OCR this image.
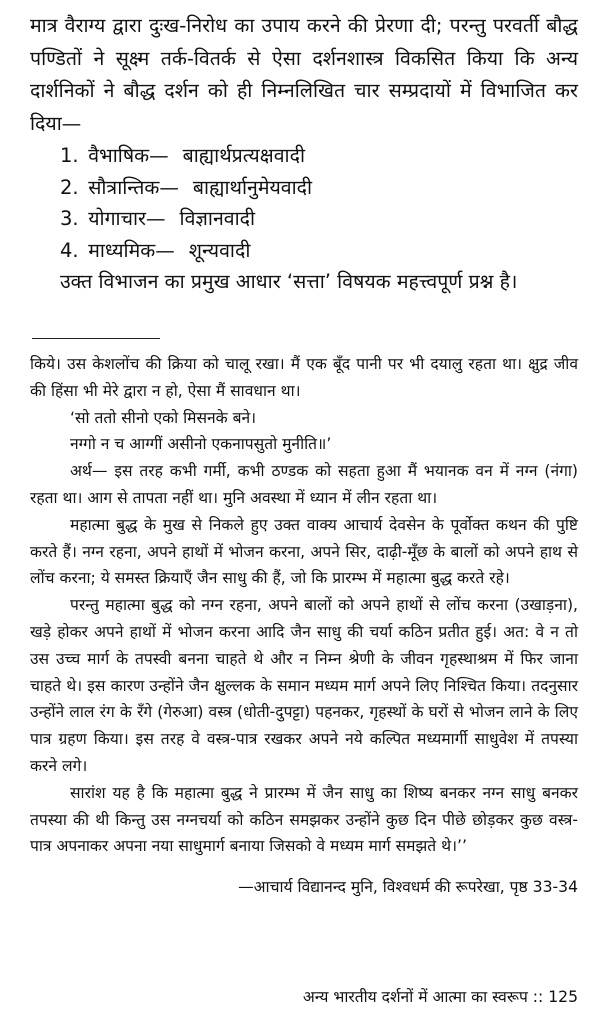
मात्र वैराग्य द्वारा दुःख-निरोध का उपाय करने की प्रेरणा दी; परन्तु परवर्ती बौद्ध पण्डितों ने सूक्ष्म तर्क-वितर्क से ऐसा दर्शनशास्त्र विकसित किया कि अन्य दार्शनिकों ने बौद्ध दर्शन को ही निम्नलिखित चार सम्प्रदायों में विभाजित कर दिया—

1. वैभाषिक— बाह्यार्थप्रत्यक्षवादी
2. सौत्रान्तिक— बाह्यार्थानुमेयवादी
3. योगाचार— विज्ञानवादी
4. माध्यमिक— शून्यवादी

उक्त विभाजन का प्रमुख आधार ‘सत्ता’ विषयक महत्त्वपूर्ण प्रश्न है।

किये। उस केशलोंच की क्रिया को चालू रखा। मैं एक बूँद पानी पर भी दयालु रहता था। क्षुद्र जीव की हिंसा भी मेरे द्वारा न हो, ऐसा मैं सावधान था।

‘सो ततो सीनो एको मिसनके बने।

नग्गो न च आग्गीं असीनो एकनापसुतो मुनीति॥’

अर्थ— इस तरह कभी गर्मी, कभी ठण्डक को सहता हुआ मैं भयानक वन में नग्न (नंगा) रहता था। आग से तापता नहीं था। मुनि अवस्था में ध्यान में लीन रहता था।

महात्मा बुद्ध के मुख से निकले हुए उक्त वाक्य आचार्य देवसेन के पूर्वोक्त कथन की पुष्टि करते हैं। नग्न रहना, अपने हाथों में भोजन करना, अपने सिर, दाढ़ी-मूँछ के बालों को अपने हाथ से लोंच करना; ये समस्त क्रियाएँ जैन साधु की हैं, जो कि प्रारम्भ में महात्मा बुद्ध करते रहे।

परन्तु महात्मा बुद्ध को नग्न रहना, अपने बालों को अपने हाथों से लोंच करना (उखाड़ना), खड़े होकर अपने हाथों में भोजन करना आदि जैन साधु की चर्या कठिन प्रतीत हुई। अत: वे न तो उस उच्च मार्ग के तपस्वी बनना चाहते थे और न निम्न श्रेणी के जीवन गृहस्थाश्रम में फिर जाना चाहते थे। इस कारण उन्होंने जैन क्षुल्लक के समान मध्यम मार्ग अपने लिए निश्चित किया। तदनुसार उन्होंने लाल रंग के रँगे (गेरुआ) वस्त्र (धोती-दुपट्टा) पहनकर, गृहस्थों के घरों से भोजन लाने के लिए पात्र ग्रहण किया। इस तरह वे वस्त्र-पात्र रखकर अपने नये कल्पित मध्यमार्गी साधुवेश में तपस्या करने लगे।

सारांश यह है कि महात्मा बुद्ध ने प्रारम्भ में जैन साधु का शिष्य बनकर नग्न साधु बनकर तपस्या की थी किन्तु उस नग्नचर्या को कठिन समझकर उन्होंने कुछ दिन पीछे छोड़कर कुछ वस्त्र-पात्र अपनाकर अपना नया साधुमार्ग बनाया जिसको वे मध्यम मार्ग समझते थे।’’

—आचार्य विद्यानन्द मुनि, विश्वधर्म की रूपरेखा, पृष्ठ 33-34

अन्य भारतीय दर्शनों में आत्मा का स्वरूप :: 125
